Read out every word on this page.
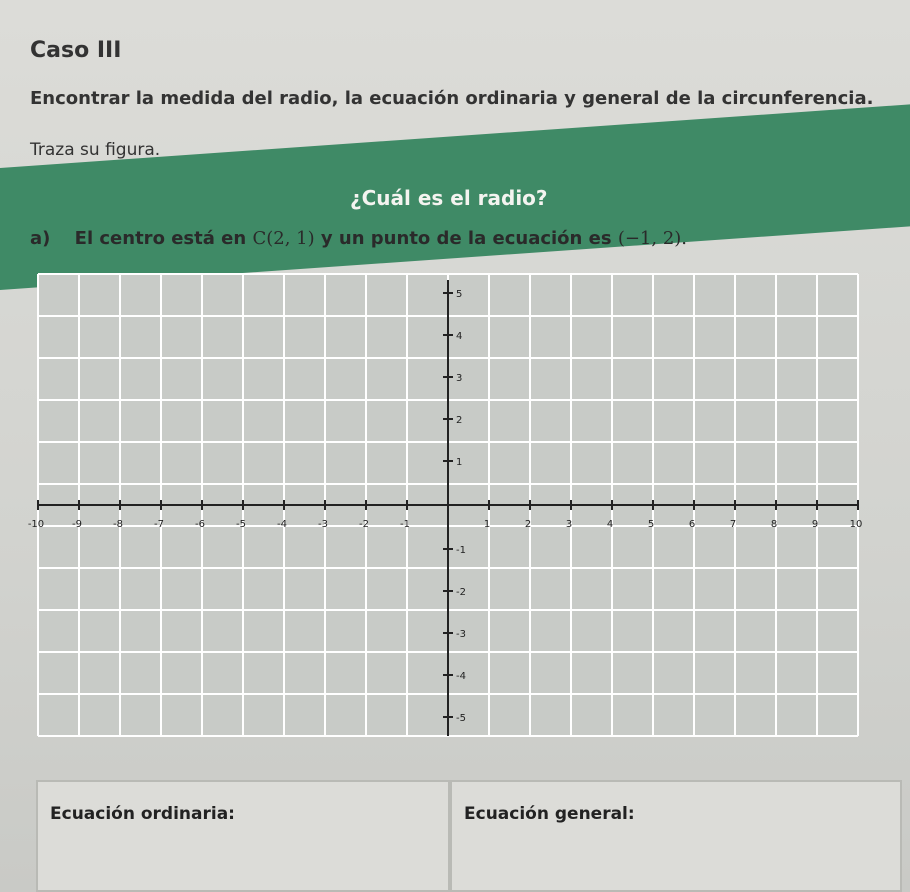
Caso III
Encontrar la medida del radio, la ecuación ordinaria y general de la circunferencia.
Traza su figura.
¿Cuál es el radio?
a) El centro está en C(2, 1) y un punto de la ecuación es (−1, 2).
-10	-9	-8	-7	-6	-5	-4	-3	-2	-1	1	2	3	4	5	6	7	8	9	10
5
4
3
2
1
-1
-2
-3
-4
-5
Ecuación ordinaria:	Ecuación general:
